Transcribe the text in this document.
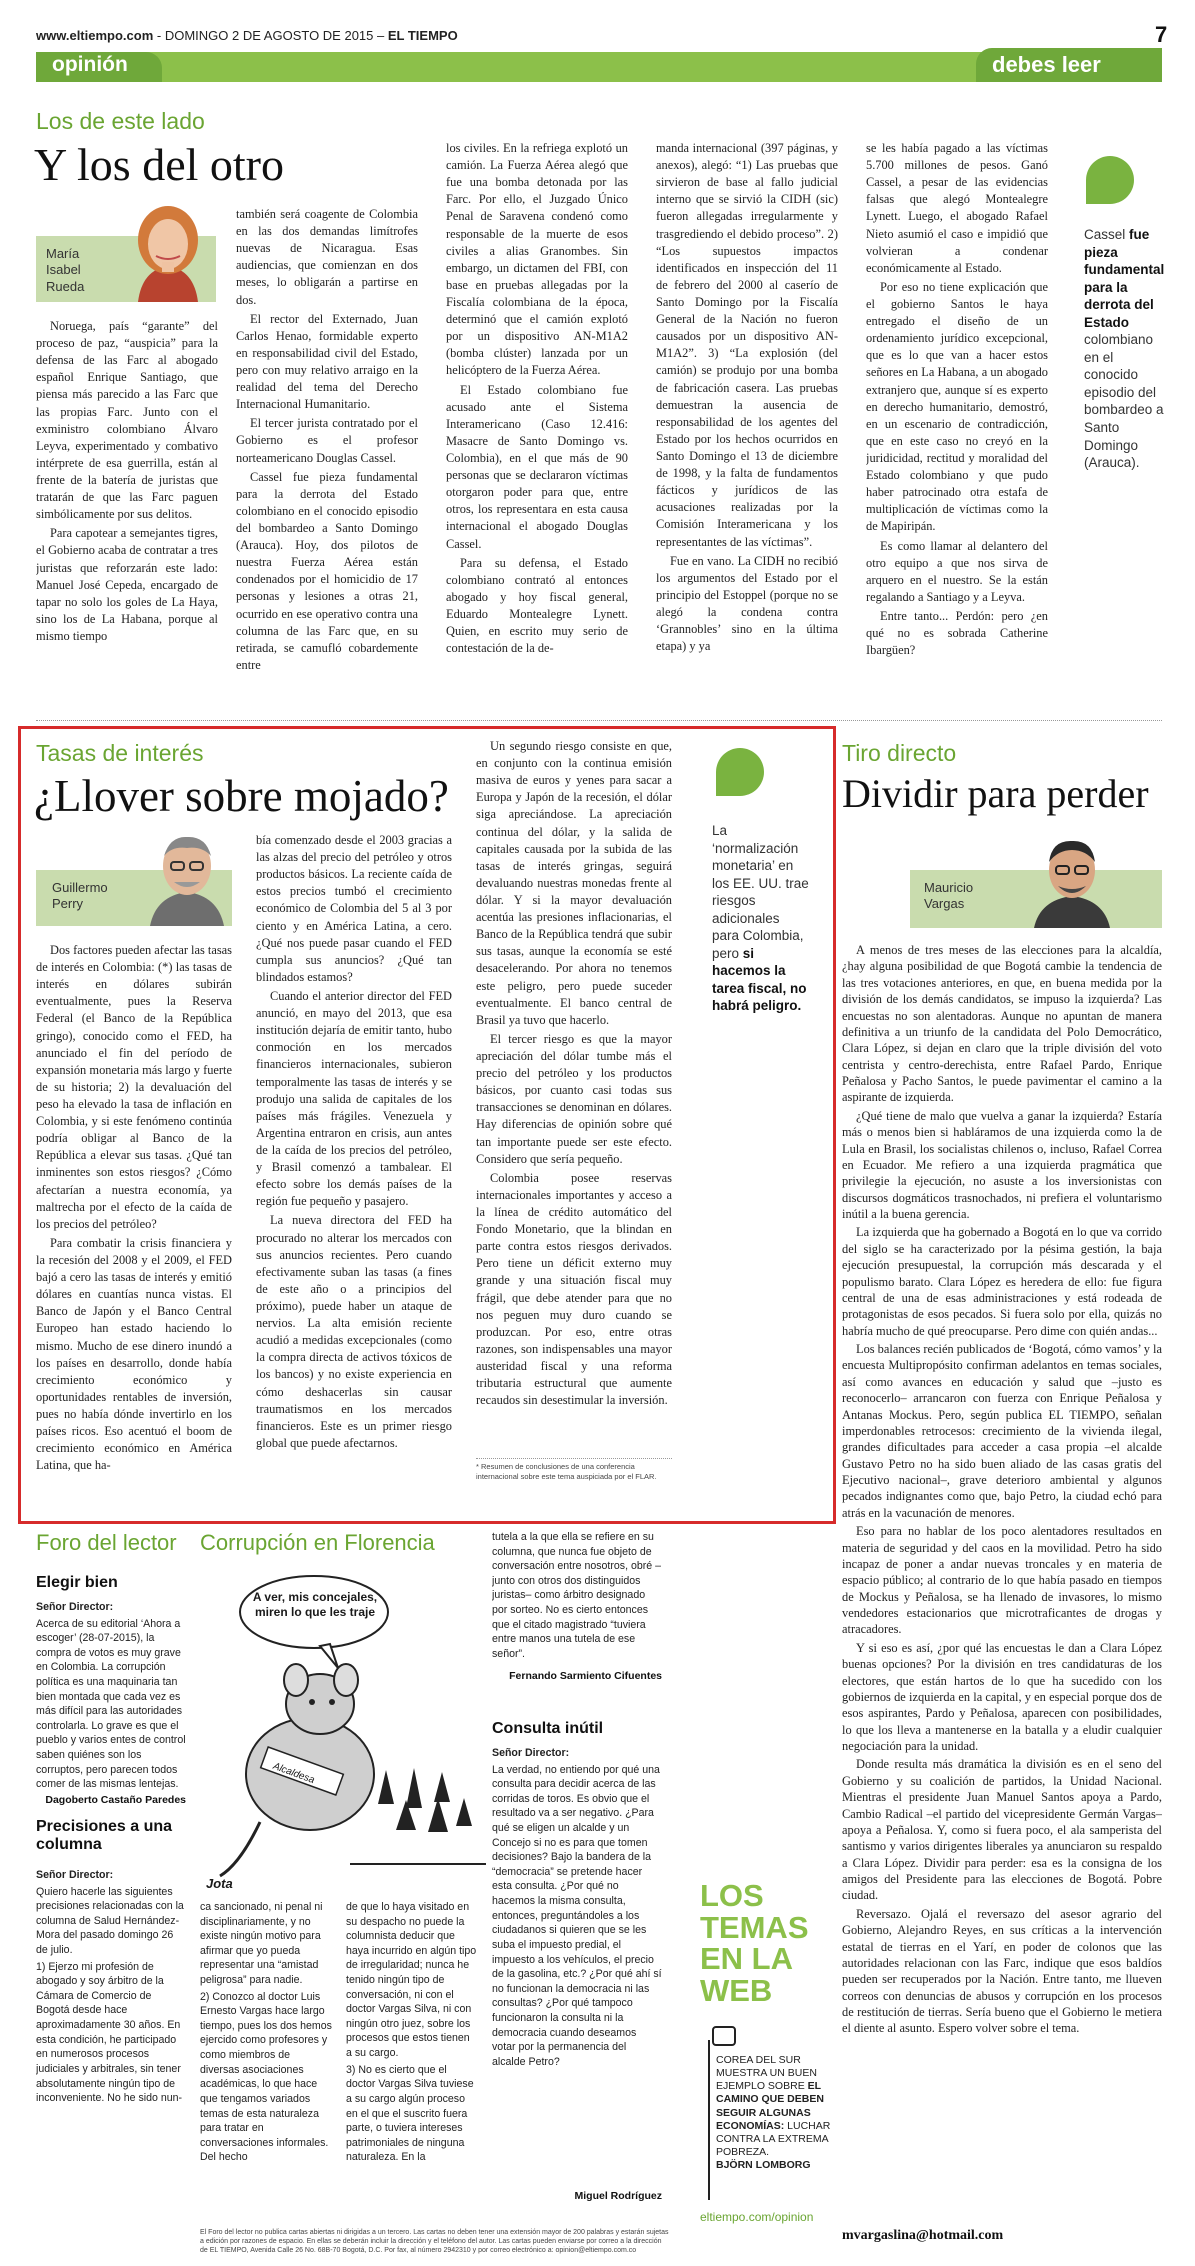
www.eltiempo.com - DOMINGO 2 DE AGOSTO DE 2015 – EL TIEMPO	7
opinión	debes leer
Los de este lado
Y los del otro
María
Isabel
Rueda

Noruega, país “garante” del proceso de paz, “auspicia” para la defensa de las Farc al abogado español Enrique Santiago, que piensa más parecido a las Farc que las propias Farc. Junto con el exministro colombiano Álvaro Leyva, experimentado y combativo intérprete de esa guerrilla, están al frente de la batería de juristas que tratarán de que las Farc paguen simbólicamente por sus delitos.

Para capotear a semejantes tigres, el Gobierno acaba de contratar a tres juristas que reforzarán este lado: Manuel José Cepeda, encargado de tapar no solo los goles de La Haya, sino los de La Habana, porque al mismo tiempo

también será coagente de Colombia en las dos demandas limítrofes nuevas de Nicaragua. Esas audiencias, que comienzan en dos meses, lo obligarán a partirse en dos.

El rector del Externado, Juan Carlos Henao, formidable experto en responsabilidad civil del Estado, pero con muy relativo arraigo en la realidad del tema del Derecho Internacional Humanitario.

El tercer jurista contratado por el Gobierno es el profesor norteamericano Douglas Cassel.

Cassel fue pieza fundamental para la derrota del Estado colombiano en el conocido episodio del bombardeo a Santo Domingo (Arauca). Hoy, dos pilotos de nuestra Fuerza Aérea están condenados por el homicidio de 17 personas y lesiones a otras 21, ocurrido en ese operativo contra una columna de las Farc que, en su retirada, se camufló cobardemente entre

los civiles. En la refriega explotó un camión. La Fuerza Aérea alegó que fue una bomba detonada por las Farc. Por ello, el Juzgado Único Penal de Saravena condenó como responsable de la muerte de esos civiles a alias Granombes. Sin embargo, un dictamen del FBI, con base en pruebas allegadas por la Fiscalía colombiana de la época, determinó que el camión explotó por un dispositivo AN-M1A2 (bomba clúster) lanzada por un helicóptero de la Fuerza Aérea.

El Estado colombiano fue acusado ante el Sistema Interamericano (Caso 12.416: Masacre de Santo Domingo vs. Colombia), en el que más de 90 personas que se declararon víctimas otorgaron poder para que, entre otros, los representara en esta causa internacional el abogado Douglas Cassel.

Para su defensa, el Estado colombiano contrató al entonces abogado y hoy fiscal general, Eduardo Montealegre Lynett. Quien, en escrito muy serio de contestación de la de-

manda internacional (397 páginas, y anexos), alegó: “1) Las pruebas que sirvieron de base al fallo judicial interno que se sirvió la CIDH (sic) fueron allegadas irregularmente y trasgrediendo el debido proceso”. 2) “Los supuestos impactos identificados en inspección del 11 de febrero del 2000 al caserío de Santo Domingo por la Fiscalía General de la Nación no fueron causados por un dispositivo AN-M1A2”. 3) “La explosión (del camión) se produjo por una bomba de fabricación casera. Las pruebas demuestran la ausencia de responsabilidad de los agentes del Estado por los hechos ocurridos en Santo Domingo el 13 de diciembre de 1998, y la falta de fundamentos fácticos y jurídicos de las acusaciones realizadas por la Comisión Interamericana y los representantes de las víctimas”.

Fue en vano. La CIDH no recibió los argumentos del Estado por el principio del Estoppel (porque no se alegó la condena contra ‘Grannobles’ sino en la última etapa) y ya

se les había pagado a las víctimas 5.700 millones de pesos. Ganó Cassel, a pesar de las evidencias falsas que alegó Montealegre Lynett. Luego, el abogado Rafael Nieto asumió el caso e impidió que volvieran a condenar económicamente al Estado.

Por eso no tiene explicación que el gobierno Santos le haya entregado el diseño de un ordenamiento jurídico excepcional, que es lo que van a hacer estos señores en La Habana, a un abogado extranjero que, aunque sí es experto en derecho humanitario, demostró, en un escenario de contradicción, que en este caso no creyó en la juridicidad, rectitud y moralidad del Estado colombiano y que pudo haber patrocinado otra estafa de multiplicación de víctimas como la de Mapiripán.

Es como llamar al delantero del otro equipo a que nos sirva de arquero en el nuestro. Se la están regalando a Santiago y a Leyva.

Entre tanto... Perdón: pero ¿en qué no es sobrada Catherine Ibargüen?

Cassel fue pieza fundamental para la derrota del Estado colombiano en el conocido episodio del bombardeo a Santo Domingo (Arauca).
Tasas de interés
¿Llover sobre mojado?
Guillermo
Perry

Dos factores pueden afectar las tasas de interés en Colombia: (*) las tasas de interés en dólares subirán eventualmente, pues la Reserva Federal (el Banco de la República gringo), conocido como el FED, ha anunciado el fin del período de expansión monetaria más largo y fuerte de su historia; 2) la devaluación del peso ha elevado la tasa de inflación en Colombia, y si este fenómeno continúa podría obligar al Banco de la República a elevar sus tasas. ¿Qué tan inminentes son estos riesgos? ¿Cómo afectarían a nuestra economía, ya maltrecha por el efecto de la caída de los precios del petróleo?

Para combatir la crisis financiera y la recesión del 2008 y el 2009, el FED bajó a cero las tasas de interés y emitió dólares en cuantías nunca vistas. El Banco de Japón y el Banco Central Europeo han estado haciendo lo mismo. Mucho de ese dinero inundó a los países en desarrollo, donde había crecimiento económico y oportunidades rentables de inversión, pues no había dónde invertirlo en los países ricos. Eso acentuó el boom de crecimiento económico en América Latina, que ha-

bía comenzado desde el 2003 gracias a las alzas del precio del petróleo y otros productos básicos. La reciente caída de estos precios tumbó el crecimiento económico de Colombia del 5 al 3 por ciento y en América Latina, a cero. ¿Qué nos puede pasar cuando el FED cumpla sus anuncios? ¿Qué tan blindados estamos?

Cuando el anterior director del FED anunció, en mayo del 2013, que esa institución dejaría de emitir tanto, hubo conmoción en los mercados financieros internacionales, subieron temporalmente las tasas de interés y se produjo una salida de capitales de los países más frágiles. Venezuela y Argentina entraron en crisis, aun antes de la caída de los precios del petróleo, y Brasil comenzó a tambalear. El efecto sobre los demás países de la región fue pequeño y pasajero.

La nueva directora del FED ha procurado no alterar los mercados con sus anuncios recientes. Pero cuando efectivamente suban las tasas (a fines de este año o a principios del próximo), puede haber un ataque de nervios. La alta emisión reciente acudió a medidas excepcionales (como la compra directa de activos tóxicos de los bancos) y no existe experiencia en cómo deshacerlas sin causar traumatismos en los mercados financieros. Este es un primer riesgo global que puede afectarnos.

Un segundo riesgo consiste en que, en conjunto con la continua emisión masiva de euros y yenes para sacar a Europa y Japón de la recesión, el dólar siga apreciándose. La apreciación continua del dólar, y la salida de capitales causada por la subida de las tasas de interés gringas, seguirá devaluando nuestras monedas frente al dólar. Y si la mayor devaluación acentúa las presiones inflacionarias, el Banco de la República tendrá que subir sus tasas, aunque la economía se esté desacelerando. Por ahora no tenemos este peligro, pero puede suceder eventualmente. El banco central de Brasil ya tuvo que hacerlo.

El tercer riesgo es que la mayor apreciación del dólar tumbe más el precio del petróleo y los productos básicos, por cuanto casi todas sus transacciones se denominan en dólares. Hay diferencias de opinión sobre qué tan importante puede ser este efecto. Considero que sería pequeño.

Colombia posee reservas internacionales importantes y acceso a la línea de crédito automático del Fondo Monetario, que la blindan en parte contra estos riesgos derivados. Pero tiene un déficit externo muy grande y una situación fiscal muy frágil, que debe atender para que no nos peguen muy duro cuando se produzcan. Por eso, entre otras razones, son indispensables una mayor austeridad fiscal y una reforma tributaria estructural que aumente recaudos sin desestimular la inversión.

* Resumen de conclusiones de una conferencia internacional sobre este tema auspiciada por el FLAR.
La ‘normalización monetaria’ en los EE. UU. trae riesgos adicionales para Colombia, pero si hacemos la tarea fiscal, no habrá peligro.
Tiro directo
Dividir para perder
Mauricio
Vargas

A menos de tres meses de las elecciones para la alcaldía, ¿hay alguna posibilidad de que Bogotá cambie la tendencia de las tres votaciones anteriores, en que, en buena medida por la división de los demás candidatos, se impuso la izquierda? Las encuestas no son alentadoras. Aunque no apuntan de manera definitiva a un triunfo de la candidata del Polo Democrático, Clara López, si dejan en claro que la triple división del voto centrista y centro-derechista, entre Rafael Pardo, Enrique Peñalosa y Pacho Santos, le puede pavimentar el camino a la aspirante de izquierda.

¿Qué tiene de malo que vuelva a ganar la izquierda? Estaría más o menos bien si habláramos de una izquierda como la de Lula en Brasil, los socialistas chilenos o, incluso, Rafael Correa en Ecuador. Me refiero a una izquierda pragmática que privilegie la ejecución, no asuste a los inversionistas con discursos dogmáticos trasnochados, ni prefiera el voluntarismo inútil a la buena gerencia.

La izquierda que ha gobernado a Bogotá en lo que va corrido del siglo se ha caracterizado por la pésima gestión, la baja ejecución presupuestal, la corrupción más descarada y el populismo barato. Clara López es heredera de ello: fue figura central de una de esas administraciones y está rodeada de protagonistas de esos pecados. Si fuera solo por ella, quizás no habría mucho de qué preocuparse. Pero dime con quién andas...

Los balances recién publicados de ‘Bogotá, cómo vamos’ y la encuesta Multipropósito confirman adelantos en temas sociales, así como avances en educación y salud que –justo es reconocerlo– arrancaron con fuerza con Enrique Peñalosa y Antanas Mockus. Pero, según publica EL TIEMPO, señalan imperdonables retrocesos: crecimiento de la vivienda ilegal, grandes dificultades para acceder a casa propia –el alcalde Gustavo Petro no ha sido buen aliado de las casas gratis del Ejecutivo nacional–, grave deterioro ambiental y algunos pecados indignantes como que, bajo Petro, la ciudad echó para atrás en la vacunación de menores.

Eso para no hablar de los poco alentadores resultados en materia de seguridad y del caos en la movilidad. Petro ha sido incapaz de poner a andar nuevas troncales y en materia de espacio público; al contrario de lo que había pasado en tiempos de Mockus y Peñalosa, se ha llenado de invasores, lo mismo vendedores estacionarios que microtraficantes de drogas y atracadores.

Y si eso es así, ¿por qué las encuestas le dan a Clara López buenas opciones? Por la división en tres candidaturas de los electores, que están hartos de lo que ha sucedido con los gobiernos de izquierda en la capital, y en especial porque dos de esos aspirantes, Pardo y Peñalosa, aparecen con posibilidades, lo que los lleva a mantenerse en la batalla y a eludir cualquier negociación para la unidad.

Donde resulta más dramática la división es en el seno del Gobierno y su coalición de partidos, la Unidad Nacional. Mientras el presidente Juan Manuel Santos apoya a Pardo, Cambio Radical –el partido del vicepresidente Germán Vargas– apoya a Peñalosa. Y, como si fuera poco, el ala samperista del santismo y varios dirigentes liberales ya anunciaron su respaldo a Clara López. Dividir para perder: esa es la consigna de los amigos del Presidente para las elecciones de Bogotá. Pobre ciudad.

Reversazo. Ojalá el reversazo del asesor agrario del Gobierno, Alejandro Reyes, en sus críticas a la intervención estatal de tierras en el Yarí, en poder de colonos que las autoridades relacionan con las Farc, indique que esos baldíos pueden ser recuperados por la Nación. Entre tanto, me llueven correos con denuncias de abusos y corrupción en los procesos de restitución de tierras. Sería bueno que el Gobierno le metiera el diente al asunto. Espero volver sobre el tema.

mvargaslina@hotmail.com
Foro del lector
Elegir bien

Señor Director:

Acerca de su editorial ‘Ahora a escoger’ (28-07-2015), la compra de votos es muy grave en Colombia. La corrupción política es una maquinaria tan bien montada que cada vez es más difícil para las autoridades controlarla. Lo grave es que el pueblo y varios entes de control saben quiénes son los corruptos, pero parecen todos comer de las mismas lentejas.

Dagoberto Castaño Paredes
Precisiones a una columna

Señor Director:

Quiero hacerle las siguientes precisiones relacionadas con la columna de Salud Hernández-Mora del pasado domingo 26 de julio.

1) Ejerzo mi profesión de abogado y soy árbitro de la Cámara de Comercio de Bogotá desde hace aproximadamente 30 años. En esta condición, he participado en numerosos procesos judiciales y arbitrales, sin tener absolutamente ningún tipo de inconveniente. No he sido nun-

Corrupción en Florencia
A ver, mis concejales, miren lo que les traje
Alcaldesa
Jota

ca sancionado, ni penal ni disciplinariamente, y no existe ningún motivo para afirmar que yo pueda representar una “amistad peligrosa” para nadie.

2) Conozco al doctor Luis Ernesto Vargas hace largo tiempo, pues los dos hemos ejercido como profesores y como miembros de diversas asociaciones académicas, lo que hace que tengamos variados temas de esta naturaleza para tratar en conversaciones informales. Del hecho

de que lo haya visitado en su despacho no puede la columnista deducir que haya incurrido en algún tipo de irregularidad; nunca he tenido ningún tipo de conversación, ni con el doctor Vargas Silva, ni con ningún otro juez, sobre los procesos que estos tienen a su cargo.

3) No es cierto que el doctor Vargas Silva tuviese a su cargo algún proceso en el que el suscrito fuera parte, o tuviera intereses patrimoniales de ninguna naturaleza. En la

tutela a la que ella se refiere en su columna, que nunca fue objeto de conversación entre nosotros, obré –junto con otros dos distinguidos juristas– como árbitro designado por sorteo. No es cierto entonces que el citado magistrado “tuviera entre manos una tutela de ese señor”.

Fernando Sarmiento Cifuentes
Consulta inútil

Señor Director:

La verdad, no entiendo por qué una consulta para decidir acerca de las corridas de toros. Es obvio que el resultado va a ser negativo. ¿Para qué se eligen un alcalde y un Concejo si no es para que tomen decisiones? Bajo la bandera de la “democracia” se pretende hacer esta consulta. ¿Por qué no hacemos la misma consulta, entonces, preguntándoles a los ciudadanos si quieren que se les suba el impuesto predial, el impuesto a los vehículos, el precio de la gasolina, etc.? ¿Por qué ahí sí no funcionan la democracia ni las consultas? ¿Por qué tampoco funcionaron la consulta ni la democracia cuando deseamos votar por la permanencia del alcalde Petro?

Miguel Rodríguez
El Foro del lector no publica cartas abiertas ni dirigidas a un tercero. Las cartas no deben tener una extensión mayor de 200 palabras y estarán sujetas a edición por razones de espacio. En ellas se deberán incluir la dirección y el teléfono del autor. Las cartas pueden enviarse por correo a la dirección de EL TIEMPO, Avenida Calle 26 No. 68B-70 Bogotá, D.C. Por fax, al número 2942310 y por correo electrónico a: opinion@eltiempo.com.co
LOS
TEMAS
EN LA
WEB
COREA DEL SUR MUESTRA UN BUEN EJEMPLO SOBRE EL CAMINO QUE DEBEN SEGUIR ALGUNAS ECONOMÍAS: LUCHAR CONTRA LA EXTREMA POBREZA.
BJÖRN LOMBORG
eltiempo.com/opinion
